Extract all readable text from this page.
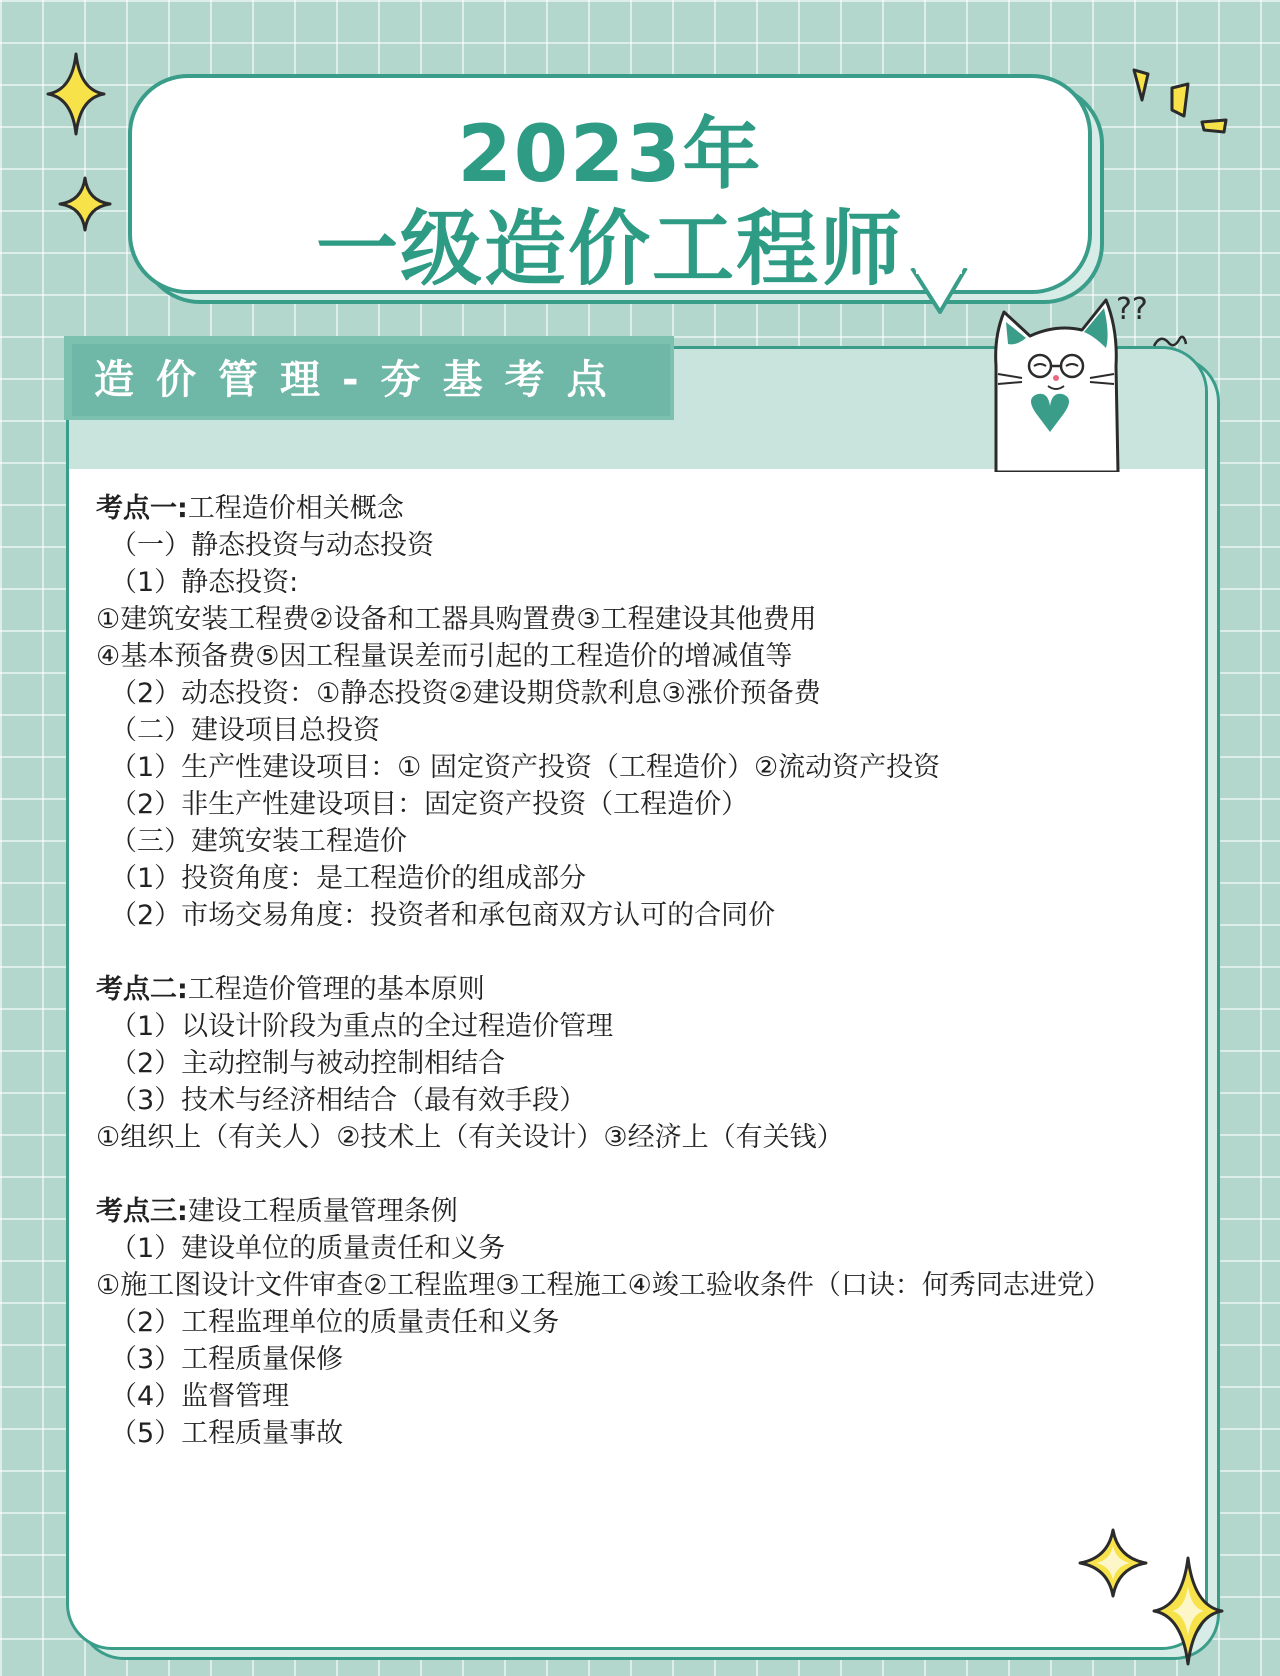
造价管理-夯基考点
??
2023年
一级造价工程师
考点一:工程造价相关概念
（一）静态投资与动态投资
（1）静态投资:
①建筑安装工程费②设备和工器具购置费③工程建设其他费用
④基本预备费⑤因工程量误差而引起的工程造价的增减值等
（2）动态投资：①静态投资②建设期贷款利息③涨价预备费
（二）建设项目总投资
（1）生产性建设项目：① 固定资产投资（工程造价）②流动资产投资
（2）非生产性建设项目：固定资产投资（工程造价）
（三）建筑安装工程造价
（1）投资角度：是工程造价的组成部分
（2）市场交易角度：投资者和承包商双方认可的合同价
考点二:工程造价管理的基本原则
（1）以设计阶段为重点的全过程造价管理
（2）主动控制与被动控制相结合
（3）技术与经济相结合（最有效手段）
①组织上（有关人）②技术上（有关设计）③经济上（有关钱）
考点三:建设工程质量管理条例
（1）建设单位的质量责任和义务
①施工图设计文件审查②工程监理③工程施工④竣工验收条件（口诀：何秀同志进党）
（2）工程监理单位的质量责任和义务
（3）工程质量保修
（4）监督管理
（5）工程质量事故
